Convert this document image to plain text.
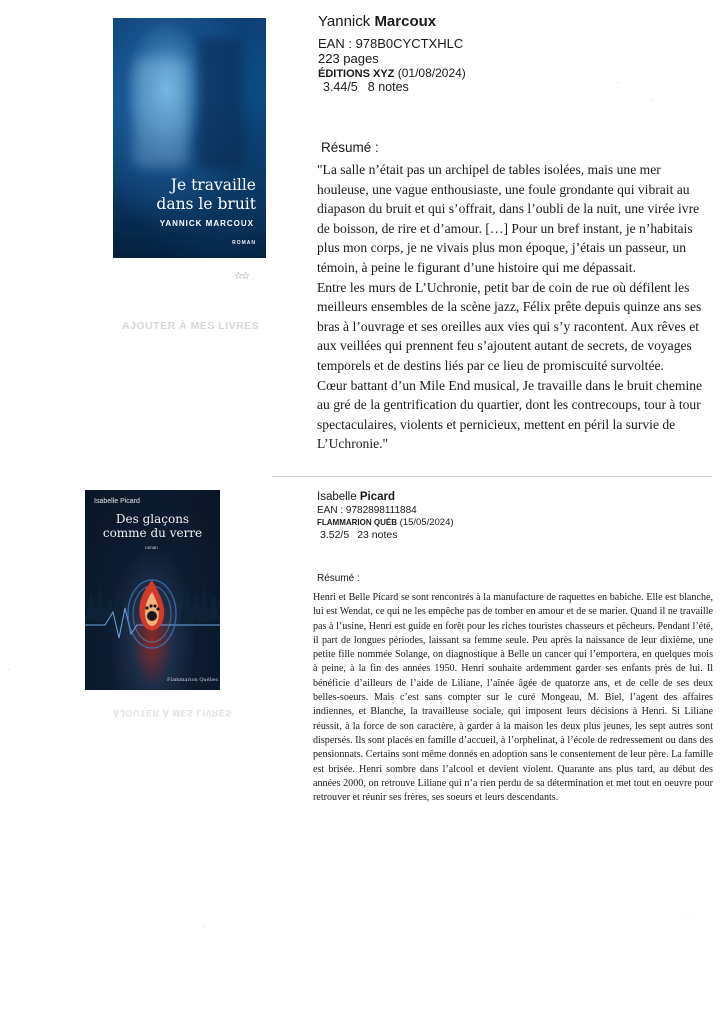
Je travaille
dans le bruit
YANNICK MARCOUX
ROMAN
Yannick Marcoux
EAN : 978B0CYCTXHLC
223 pages
ÉDITIONS XYZ (01/08/2024)
3.44/5 8 notes
☆☆
AJOUTER À MES LIVRES
Résumé :

"La salle n’était pas un archipel de tables isolées, mais une mer houleuse, une vague enthousiaste, une foule grondante qui vibrait au diapason du bruit et qui s’offrait, dans l’oubli de la nuit, une virée ivre de boisson, de rire et d’amour. […] Pour un bref instant, je n’habitais plus mon corps, je ne vivais plus mon époque, j’étais un passeur, un témoin, à peine le figurant d’une histoire qui me dépassait.

Entre les murs de L’Uchronie, petit bar de coin de rue où défilent les meilleurs ensembles de la scène jazz, Félix prête depuis quinze ans ses bras à l’ouvrage et ses oreilles aux vies qui s’y racontent. Aux rêves et aux veillées qui prennent feu s’ajoutent autant de secrets, de voyages temporels et de destins liés par ce lieu de promiscuité survoltée.

Cœur battant d’un Mile End musical, Je travaille dans le bruit chemine au gré de la gentrification du quartier, dont les contrecoups, tour à tour spectaculaires, violents et pernicieux, mettent en péril la survie de L’Uchronie."

Isabelle Picard
Des glaçons
comme du verre
roman
Flammarion Québec
Isabelle Picard
EAN : 9782898111884
FLAMMARION QUÉB (15/05/2024)
3.52/5 23 notes
AJOUTER À MES LIVRES
Résumé :
Henri et Belle Picard se sont rencontrés à la manufacture de raquettes en babiche. Elle est blanche, lui est Wendat, ce qui ne les empêche pas de tomber en amour et de se marier. Quand il ne travaille pas à l’usine, Henri est guide en forêt pour les riches touristes chasseurs et pêcheurs. Pendant l’été, il part de longues périodes, laissant sa femme seule. Peu après la naissance de leur dixième, une petite fille nommée Solange, on diagnostique à Belle un cancer qui l’emportera, en quelques mois à peine, à la fin des années 1950. Henri souhaite ardemment garder ses enfants près de lui. Il bénéficie d’ailleurs de l’aide de Liliane, l’aînée âgée de quatorze ans, et de celle de ses deux belles-soeurs. Mais c’est sans compter sur le curé Mongeau, M. Biel, l’agent des affaires indiennes, et Blanche, la travailleuse sociale, qui imposent leurs décisions à Henri. Si Liliane réussit, à la force de son caractère, à garder à la maison les deux plus jeunes, les sept autres sont dispersés. Ils sont placés en famille d’accueil, à l’orphelinat, à l’école de redressement ou dans des pensionnats. Certains sont même donnés en adoption sans le consentement de leur père. La famille est brisée. Henri sombre dans l’alcool et devient violent. Quarante ans plus tard, au début des années 2000, on retrouve Liliane qui n’a rien perdu de sa détermination et met tout en oeuvre pour retrouver et réunir ses frères, ses soeurs et leurs descendants.
·
·
·
·
·
